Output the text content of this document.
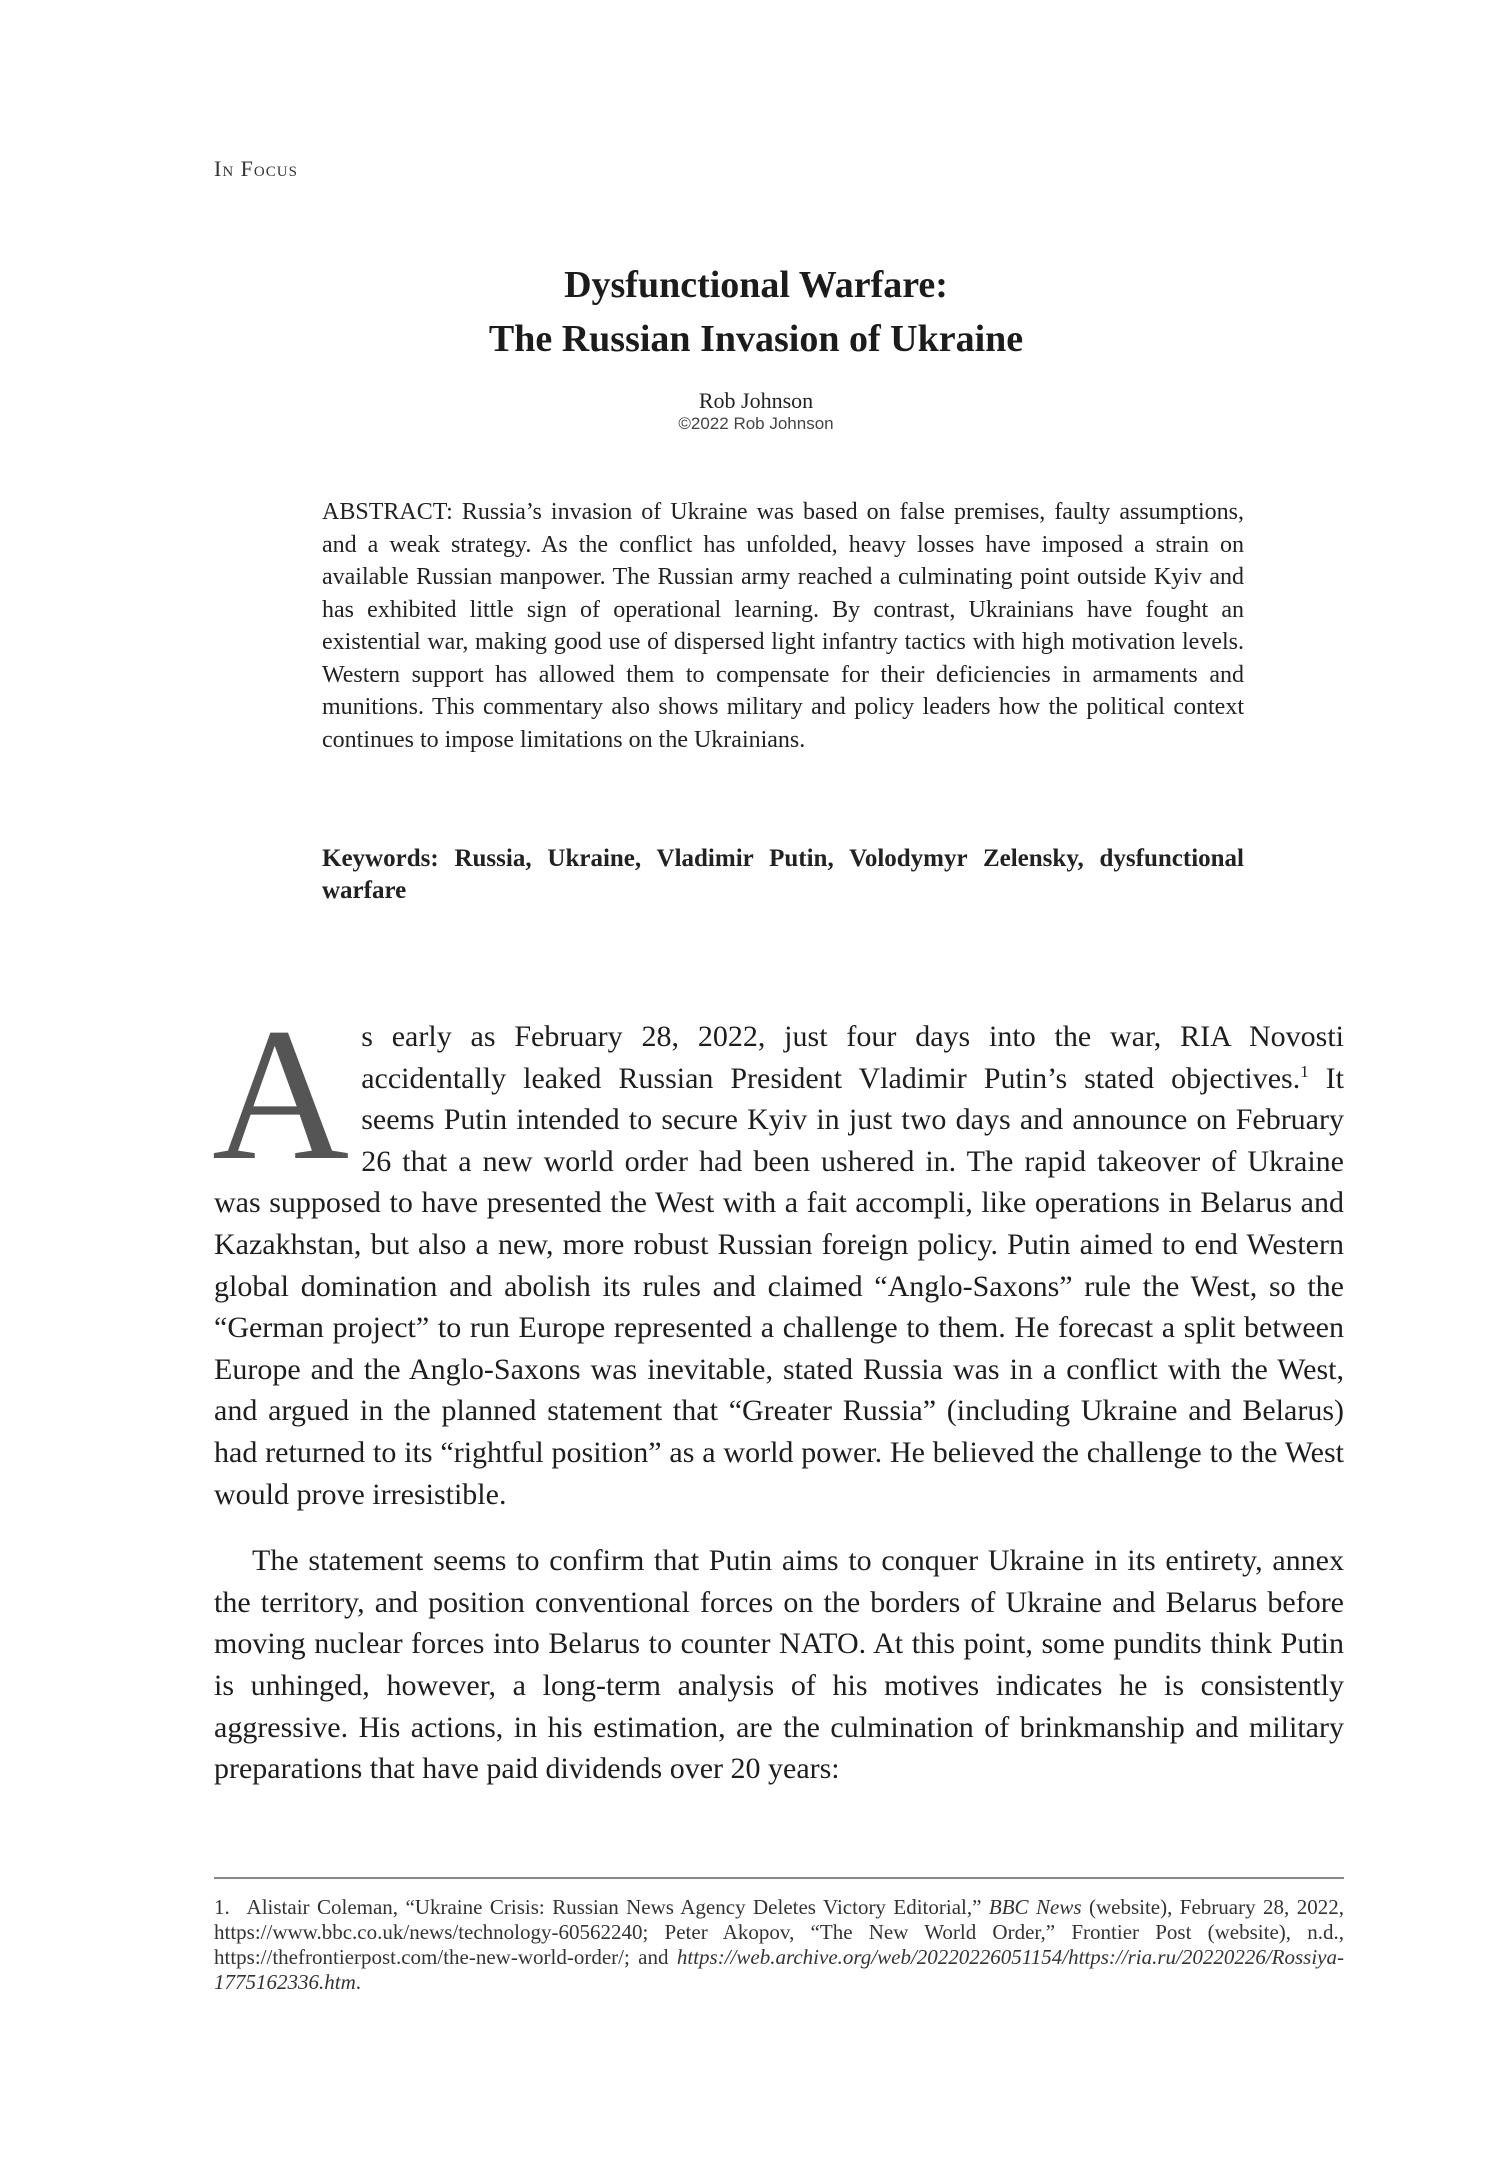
In Focus
Dysfunctional Warfare:
The Russian Invasion of Ukraine
Rob Johnson
©2022 Rob Johnson
ABSTRACT: Russia’s invasion of Ukraine was based on false premises, faulty assumptions, and a weak strategy. As the conflict has unfolded, heavy losses have imposed a strain on available Russian manpower. The Russian army reached a culminating point outside Kyiv and has exhibited little sign of operational learning. By contrast, Ukrainians have fought an existential war, making good use of dispersed light infantry tactics with high motivation levels. Western support has allowed them to compensate for their deficiencies in armaments and munitions. This commentary also shows military and policy leaders how the political context continues to impose limitations on the Ukrainians.
Keywords: Russia, Ukraine, Vladimir Putin, Volodymyr Zelensky, dysfunctional warfare

As early as February 28, 2022, just four days into the war, RIA Novosti accidentally leaked Russian President Vladimir Putin’s stated objectives.$^1$ It seems Putin intended to secure Kyiv in just two days and announce on February 26 that a new world order had been ushered in. The rapid takeover of Ukraine was supposed to have presented the West with a fait accompli, like operations in Belarus and Kazakhstan, but also a new, more robust Russian foreign policy. Putin aimed to end Western global domination and abolish its rules and claimed “Anglo-Saxons” rule the West, so the “German project” to run Europe represented a challenge to them. He forecast a split between Europe and the Anglo-Saxons was inevitable, stated Russia was in a conflict with the West, and argued in the planned statement that “Greater Russia” (including Ukraine and Belarus) had returned to its “rightful position” as a world power. He believed the challenge to the West would prove irresistible.

The statement seems to confirm that Putin aims to conquer Ukraine in its entirety, annex the territory, and position conventional forces on the borders of Ukraine and Belarus before moving nuclear forces into Belarus to counter NATO. At this point, some pundits think Putin is unhinged, however, a long-term analysis of his motives indicates he is consistently aggressive. His actions, in his estimation, are the culmination of brinkmanship and military preparations that have paid dividends over 20 years:

1.  Alistair Coleman, “Ukraine Crisis: Russian News Agency Deletes Victory Editorial,” BBC News (website), February 28, 2022, https://www.bbc.co.uk/news/technology-60562240; Peter Akopov, “The New World Order,” Frontier Post (website), n.d., https://thefrontierpost.com/the-new-world-order/; and https://web.archive.org/web/20220226051154/https://ria.ru/20220226/Rossiya-1775162336.htm.
